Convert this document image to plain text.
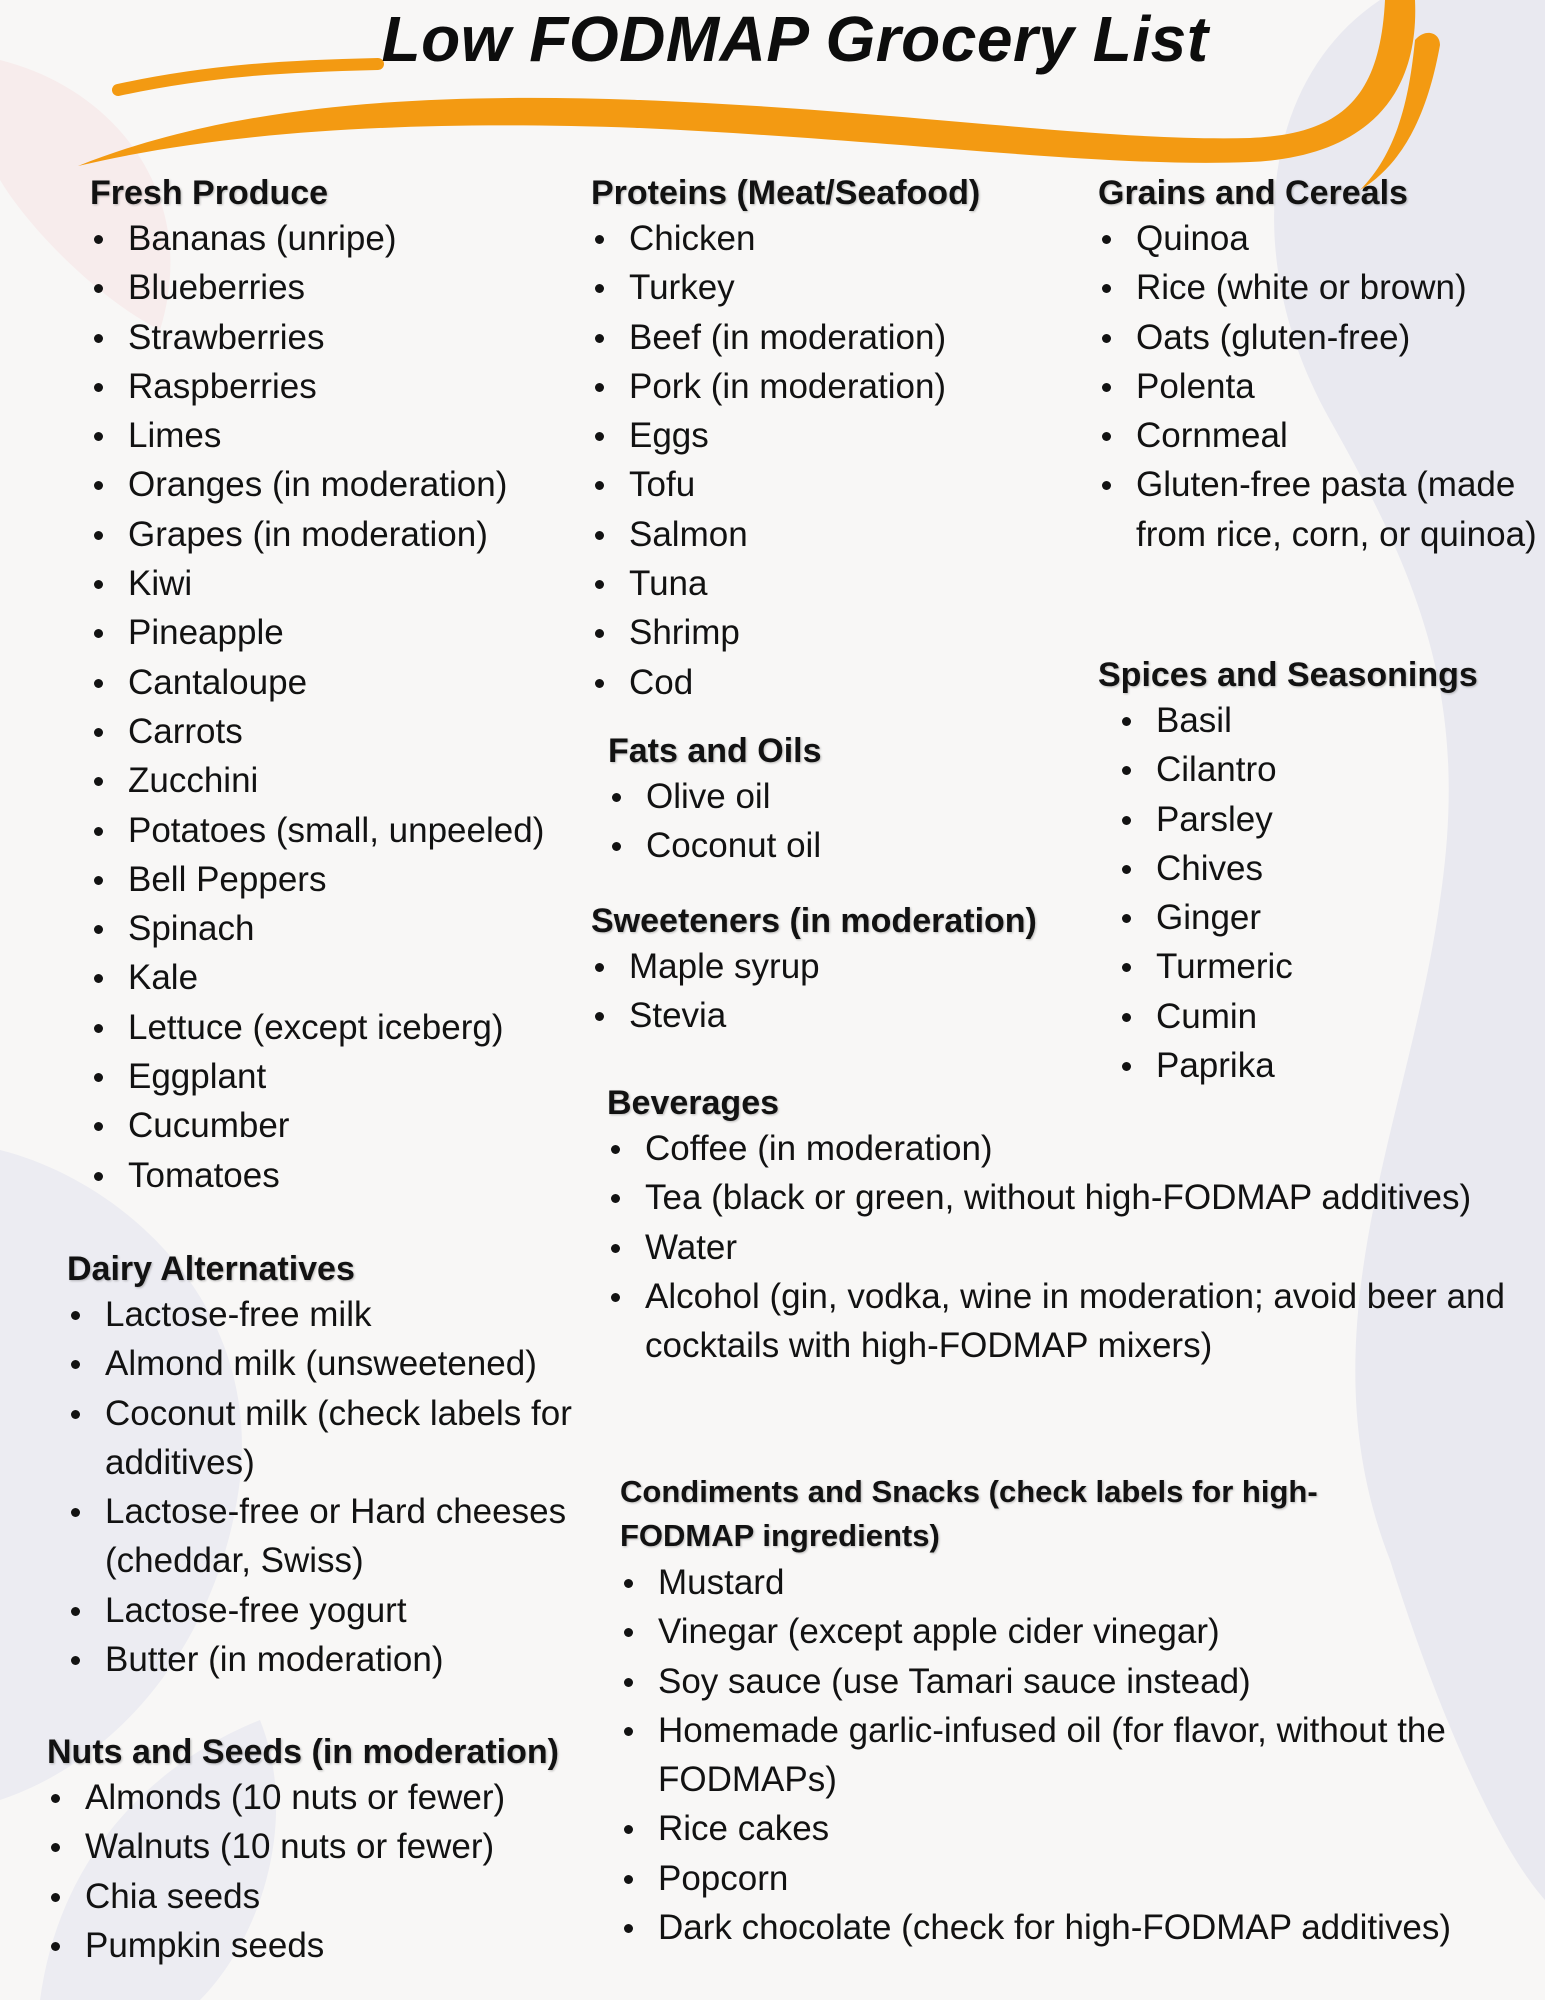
Low FODMAP Grocery List
Fresh Produce
Bananas (unripe)
Blueberries
Strawberries
Raspberries
Limes
Oranges (in moderation)
Grapes (in moderation)
Kiwi
Pineapple
Cantaloupe
Carrots
Zucchini
Potatoes (small, unpeeled)
Bell Peppers
Spinach
Kale
Lettuce (except iceberg)
Eggplant
Cucumber
Tomatoes
Proteins (Meat/Seafood)
Chicken
Turkey
Beef (in moderation)
Pork (in moderation)
Eggs
Tofu
Salmon
Tuna
Shrimp
Cod
Grains and Cereals
Quinoa
Rice (white or brown)
Oats (gluten-free)
Polenta
Cornmeal
Gluten-free pasta (made from rice, corn, or quinoa)
Fats and Oils
Olive oil
Coconut oil
Spices and Seasonings
Basil
Cilantro
Parsley
Chives
Ginger
Turmeric
Cumin
Paprika
Sweeteners (in moderation)
Maple syrup
Stevia
Beverages
Coffee (in moderation)
Tea (black or green, without high-FODMAP additives)
Water
Alcohol (gin, vodka, wine in moderation; avoid beer and cocktails with high-FODMAP mixers)
Dairy Alternatives
Lactose-free milk
Almond milk (unsweetened)
Coconut milk (check labels for additives)
Lactose-free or Hard cheeses (cheddar, Swiss)
Lactose-free yogurt
Butter (in moderation)
Condiments and Snacks (check labels for high-FODMAP ingredients)
Mustard
Vinegar (except apple cider vinegar)
Soy sauce (use Tamari sauce instead)
Homemade garlic-infused oil (for flavor, without the FODMAPs)
Rice cakes
Popcorn
Dark chocolate (check for high-FODMAP additives)
Nuts and Seeds (in moderation)
Almonds (10 nuts or fewer)
Walnuts (10 nuts or fewer)
Chia seeds
Pumpkin seeds
